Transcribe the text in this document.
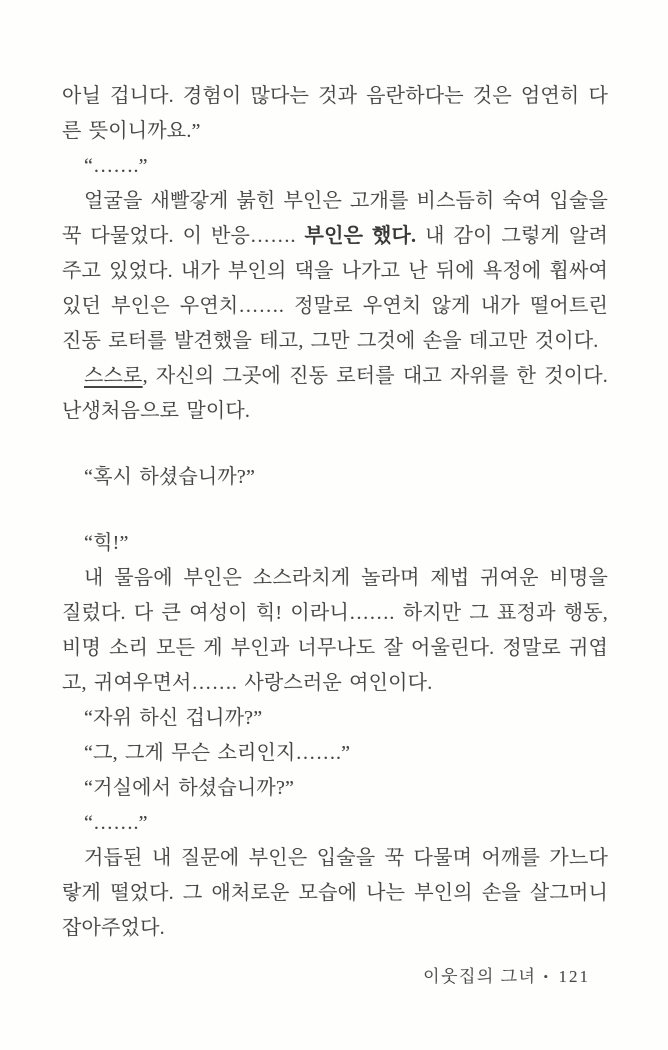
아닐 겁니다. 경험이 많다는 것과 음란하다는 것은 엄연히 다른 뜻이니까요.”

“…….”

얼굴을 새빨갛게 붉힌 부인은 고개를 비스듬히 숙여 입술을 꾹 다물었다. 이 반응……. 부인은 했다. 내 감이 그렇게 알려주고 있었다. 내가 부인의 댁을 나가고 난 뒤에 욕정에 휩싸여있던 부인은 우연치……. 정말로 우연치 않게 내가 떨어트린 진동 로터를 발견했을 테고, 그만 그것에 손을 데고만 것이다.

스스로, 자신의 그곳에 진동 로터를 대고 자위를 한 것이다. 난생처음으로 말이다.

“혹시 하셨습니까?”

“힉!”

내 물음에 부인은 소스라치게 놀라며 제법 귀여운 비명을 질렀다. 다 큰 여성이 힉! 이라니……. 하지만 그 표정과 행동, 비명 소리 모든 게 부인과 너무나도 잘 어울린다. 정말로 귀엽고, 귀여우면서……. 사랑스러운 여인이다.

“자위 하신 겁니까?”

“그, 그게 무슨 소리인지…….”

“거실에서 하셨습니까?”

“…….”

거듭된 내 질문에 부인은 입술을 꾹 다물며 어깨를 가느다랗게 떨었다. 그 애처로운 모습에 나는 부인의 손을 살그머니 잡아주었다.

이웃집의 그녀 • 121
